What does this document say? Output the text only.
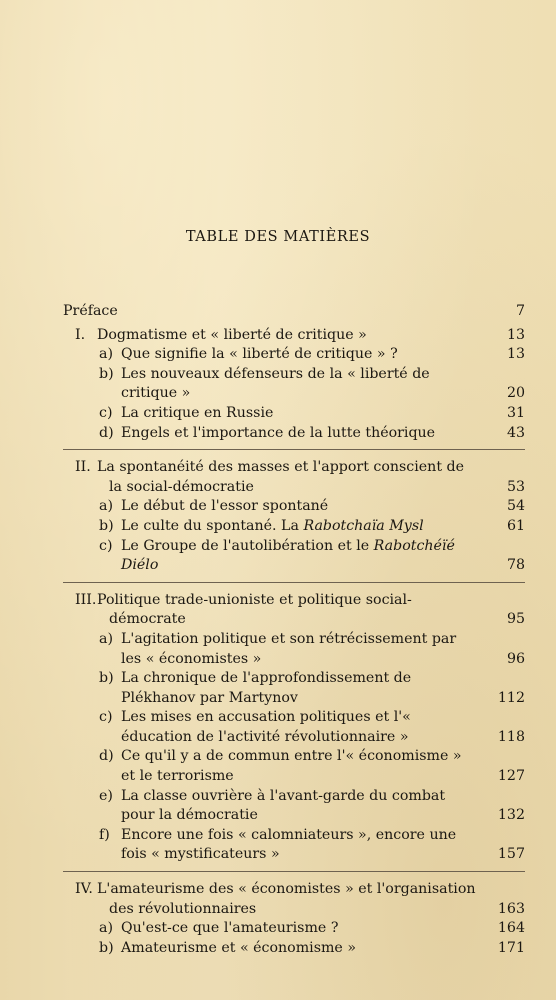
TABLE DES MATIÈRES
Préface	7
I. Dogmatisme et « liberté de critique »	13
a) Que signifie la « liberté de critique » ?	13
b) Les nouveaux défenseurs de la « liberté de critique »	20
c) La critique en Russie	31
d) Engels et l'importance de la lutte théorique	43
II. La spontanéité des masses et l'apport conscient de la social-démocratie	53
a) Le début de l'essor spontané	54
b) Le culte du spontané. La Rabotchaïa Mysl	61
c) Le Groupe de l'autolibération et le Rabotchéïé Diélo	78
III.Politique trade-unioniste et politique social-démocrate	95
a) L'agitation politique et son rétrécissement par les « économistes »	96
b) La chronique de l'approfondissement de Plékhanov par Martynov	112
c) Les mises en accusation politiques et l'« éducation de l'activité révolutionnaire »	118
d) Ce qu'il y a de commun entre l'« économisme » et le terrorisme	127
e) La classe ouvrière à l'avant-garde du combat pour la démocratie	132
f) Encore une fois « calomniateurs », encore une fois « mystificateurs »	157
IV. L'amateurisme des « économistes » et l'organisation des révolutionnaires	163
a) Qu'est-ce que l'amateurisme ?	164
b) Amateurisme et « économisme »	171
